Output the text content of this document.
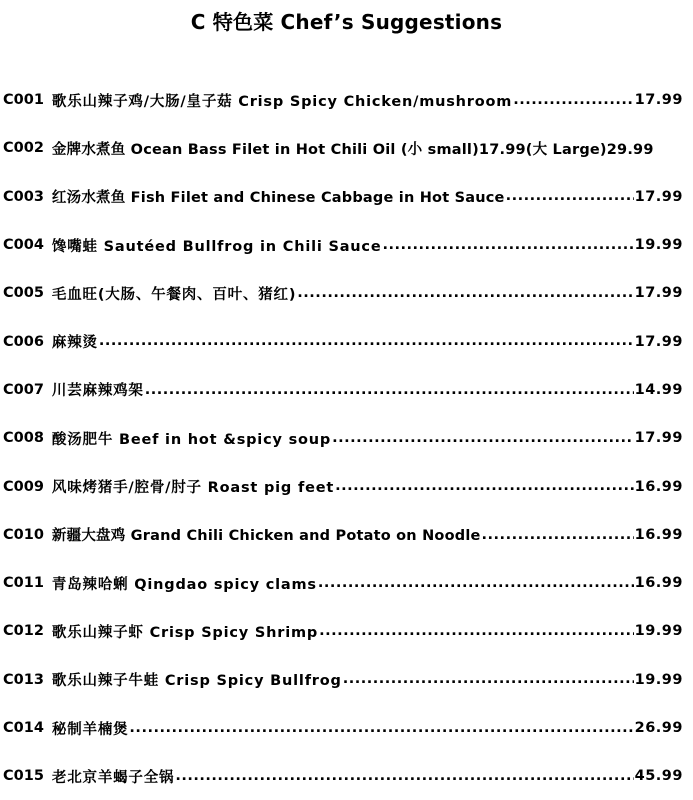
C 特色菜 Chef’s Suggestions
C001 歌乐山辣子鸡/大肠/皇子菇 Crisp Spicy Chicken/mushroom .....	17.99
C002 金牌水煮鱼 Ocean Bass Filet in Hot Chili Oil (小 small)17.99(大 Large)29.99
C003 红汤水煮鱼 Fish Filet and Chinese Cabbage in Hot Sauce .....	17.99
C004 馋嘴蛙 Sautéed Bullfrog in Chili Sauce .....	19.99
C005 毛血旺(大肠、午餐肉、百叶、猪红) .....	17.99
C006 麻辣烫 .....	17.99
C007 川芸麻辣鸡架 .....	14.99
C008 酸汤肥牛 Beef in hot &spicy soup .....	17.99
C009 风味烤猪手/腔骨/肘子 Roast pig feet .....	16.99
C010 新疆大盘鸡 Grand Chili Chicken and Potato on Noodle .....	16.99
C011 青岛辣哈蜊 Qingdao spicy clams .....	16.99
C012 歌乐山辣子虾 Crisp Spicy Shrimp .....	19.99
C013 歌乐山辣子牛蛙 Crisp Spicy Bullfrog .....	19.99
C014 秘制羊楠煲 .....	26.99
C015 老北京羊蝎子全锅 .....	45.99
